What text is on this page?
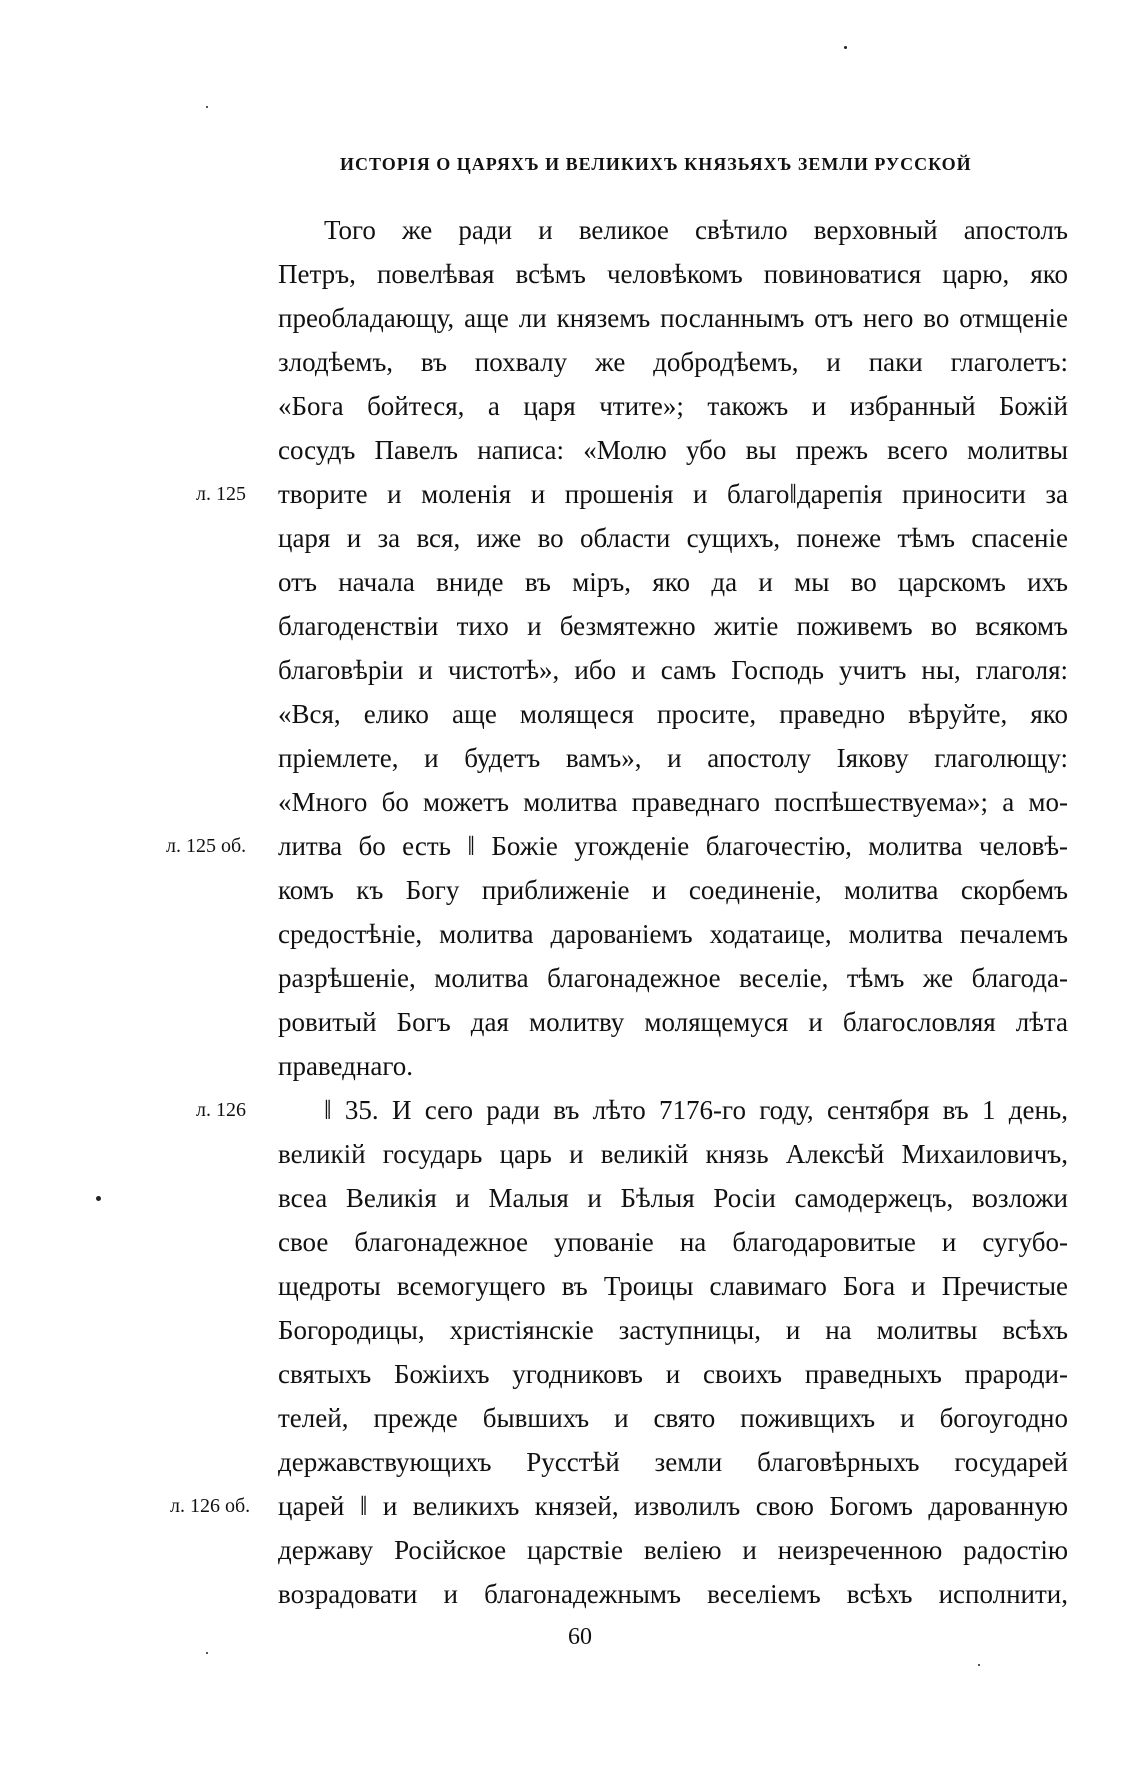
ИСТОРІЯ О ЦАРЯХЪ И ВЕЛИКИХЪ КНЯЗЬЯХЪ ЗЕМЛИ РУССКОЙ
Того же ради и великое свѣтило верховный апостолъ
Петръ, повелѣвая всѣмъ человѣкомъ повиноватися царю, яко
преобладающу, аще ли княземъ посланнымъ отъ него во отмщеніе
злодѣемъ, въ похвалу же добродѣемъ, и паки глаголетъ:
«Бога бойтеся, а царя чтите»; такожъ и избранный Божій
сосудъ Павелъ написа: «Молю убо вы прежъ всего молитвы
творите и моленія и прошенія и благо‖дарепія приносити за
царя и за вся, иже во области сущихъ, понеже тѣмъ спасеніе
отъ начала вниде въ міръ, яко да и мы во царскомъ ихъ
благоденствіи тихо и безмятежно житіе поживемъ во всякомъ
благовѣріи и чистотѣ», ибо и самъ Господь учитъ ны, глаголя:
«Вся, елико аще молящеся просите, праведно вѣруйте, яко
пріемлете, и будетъ вамъ», и апостолу Іякову глаголющу:
«Много бо можетъ молитва праведнаго поспѣшествуема»; а мо-
литва бо есть ‖ Божіе угожденіе благочестію, молитва человѣ-
комъ къ Богу приближеніе и соединеніе, молитва скорбемъ
средостѣніе, молитва дарованіемъ ходатаице, молитва печалемъ
разрѣшеніе, молитва благонадежное веселіе, тѣмъ же благода-
ровитый Богъ дая молитву молящемуся и благословляя лѣта
праведнаго.
‖ 35. И сего ради въ лѣто 7176-го году, сентября въ 1 день,
великій государь царь и великій князь Алексѣй Михаиловичъ,
всеа Великія и Малыя и Бѣлыя Росіи самодержецъ, возложи
свое благонадежное упованіе на благодаровитые и сугубо-
щедроты всемогущего въ Троицы славимаго Бога и Пречистые
Богородицы, христіянскіе заступницы, и на молитвы всѣхъ
святыхъ Божіихъ угодниковъ и своихъ праведныхъ прароди-
телей, прежде бывшихъ и свято поживщихъ и богоугодно
державствующихъ Русстѣй земли благовѣрныхъ государей
царей ‖ и великихъ князей, изволилъ свою Богомъ дарованную
державу Російское царствіе веліею и неизреченною радостію
возрадовати и благонадежнымъ веселіемъ всѣхъ исполнити,
л. 125
л. 125 об.
л. 126
л. 126 об.
60
